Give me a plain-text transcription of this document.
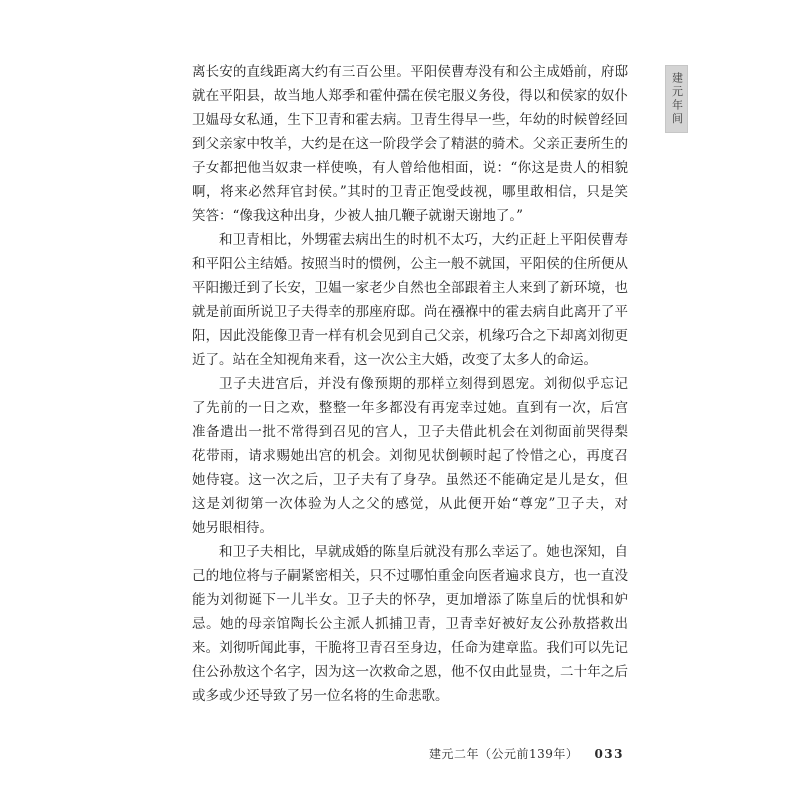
建元年间
离长安的直线距离大约有三百公里。平阳侯曹寿没有和公主成婚前，府邸
就在平阳县，故当地人郑季和霍仲孺在侯宅服义务役，得以和侯家的奴仆
卫媪母女私通，生下卫青和霍去病。卫青生得早一些，年幼的时候曾经回
到父亲家中牧羊，大约是在这一阶段学会了精湛的骑术。父亲正妻所生的
子女都把他当奴隶一样使唤，有人曾给他相面，说：“你这是贵人的相貌
啊，将来必然拜官封侯。”其时的卫青正饱受歧视，哪里敢相信，只是笑
笑答：“像我这种出身，少被人抽几鞭子就谢天谢地了。”
和卫青相比，外甥霍去病出生的时机不太巧，大约正赶上平阳侯曹寿
和平阳公主结婚。按照当时的惯例，公主一般不就国，平阳侯的住所便从
平阳搬迁到了长安，卫媪一家老少自然也全部跟着主人来到了新环境，也
就是前面所说卫子夫得幸的那座府邸。尚在襁褓中的霍去病自此离开了平
阳，因此没能像卫青一样有机会见到自己父亲，机缘巧合之下却离刘彻更
近了。站在全知视角来看，这一次公主大婚，改变了太多人的命运。
卫子夫进宫后，并没有像预期的那样立刻得到恩宠。刘彻似乎忘记
了先前的一日之欢，整整一年多都没有再宠幸过她。直到有一次，后宫
准备遣出一批不常得到召见的宫人，卫子夫借此机会在刘彻面前哭得梨
花带雨，请求赐她出宫的机会。刘彻见状倒顿时起了怜惜之心，再度召
她侍寝。这一次之后，卫子夫有了身孕。虽然还不能确定是儿是女，但
这是刘彻第一次体验为人之父的感觉，从此便开始“尊宠”卫子夫，对
她另眼相待。
和卫子夫相比，早就成婚的陈皇后就没有那么幸运了。她也深知，自
己的地位将与子嗣紧密相关，只不过哪怕重金向医者遍求良方，也一直没
能为刘彻诞下一儿半女。卫子夫的怀孕，更加增添了陈皇后的忧惧和妒
忌。她的母亲馆陶长公主派人抓捕卫青，卫青幸好被好友公孙敖搭救出
来。刘彻听闻此事，干脆将卫青召至身边，任命为建章监。我们可以先记
住公孙敖这个名字，因为这一次救命之恩，他不仅由此显贵，二十年之后
或多或少还导致了另一位名将的生命悲歌。
建元二年（公元前139年） 033
